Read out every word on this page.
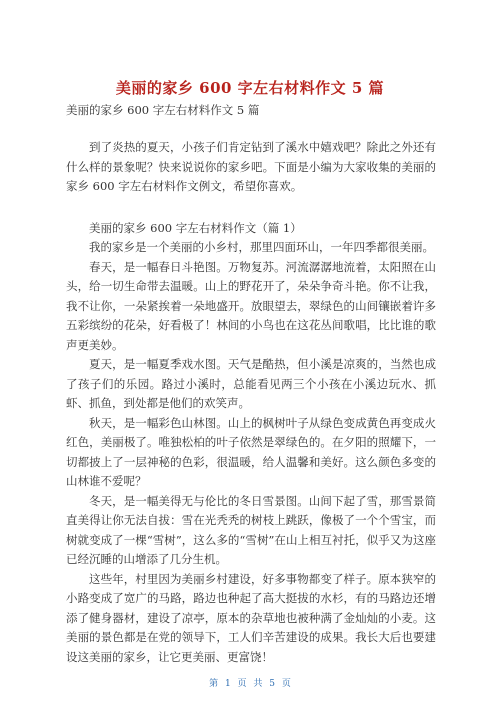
美丽的家乡 600 字左右材料作文 5 篇
美丽的家乡 600 字左右材料作文 5 篇

到了炎热的夏天，小孩子们肯定钻到了溪水中嬉戏吧？除此之外还有什么样的景象呢？快来说说你的家乡吧。下面是小编为大家收集的美丽的家乡 600 字左右材料作文例文，希望你喜欢。

美丽的家乡 600 字左右材料作文（篇 1）

我的家乡是一个美丽的小乡村，那里四面环山，一年四季都很美丽。

春天，是一幅春日斗艳图。万物复苏。河流潺潺地流着，太阳照在山头，给一切生命带去温暖。山上的野花开了，朵朵争奇斗艳。你不让我，我不让你，一朵紧挨着一朵地盛开。放眼望去，翠绿色的山间镶嵌着许多五彩缤纷的花朵，好看极了！林间的小鸟也在这花丛间歌唱，比比谁的歌声更美妙。

夏天，是一幅夏季戏水图。天气是酷热，但小溪是凉爽的，当然也成了孩子们的乐园。路过小溪时，总能看见两三个小孩在小溪边玩水、抓虾、抓鱼，到处都是他们的欢笑声。

秋天，是一幅彩色山林图。山上的枫树叶子从绿色变成黄色再变成火红色，美丽极了。唯独松柏的叶子依然是翠绿色的。在夕阳的照耀下，一切都披上了一层神秘的色彩，很温暖，给人温馨和美好。这么颜色多变的山林谁不爱呢？

冬天，是一幅美得无与伦比的冬日雪景图。山间下起了雪，那雪景简直美得让你无法自拔：雪在光秃秃的树枝上跳跃，像极了一个个雪宝，而树就变成了一棵“雪树”，这么多的“雪树”在山上相互衬托，似乎又为这座已经沉睡的山增添了几分生机。

这些年，村里因为美丽乡村建设，好多事物都变了样子。原本狭窄的小路变成了宽广的马路，路边也种起了高大挺拔的水杉，有的马路边还增添了健身器材，建设了凉亭，原本的杂草地也被种满了金灿灿的小麦。这美丽的景色都是在党的领导下，工人们辛苦建设的成果。我长大后也要建设这美丽的家乡，让它更美丽、更富饶！

第 1 页 共 5 页
